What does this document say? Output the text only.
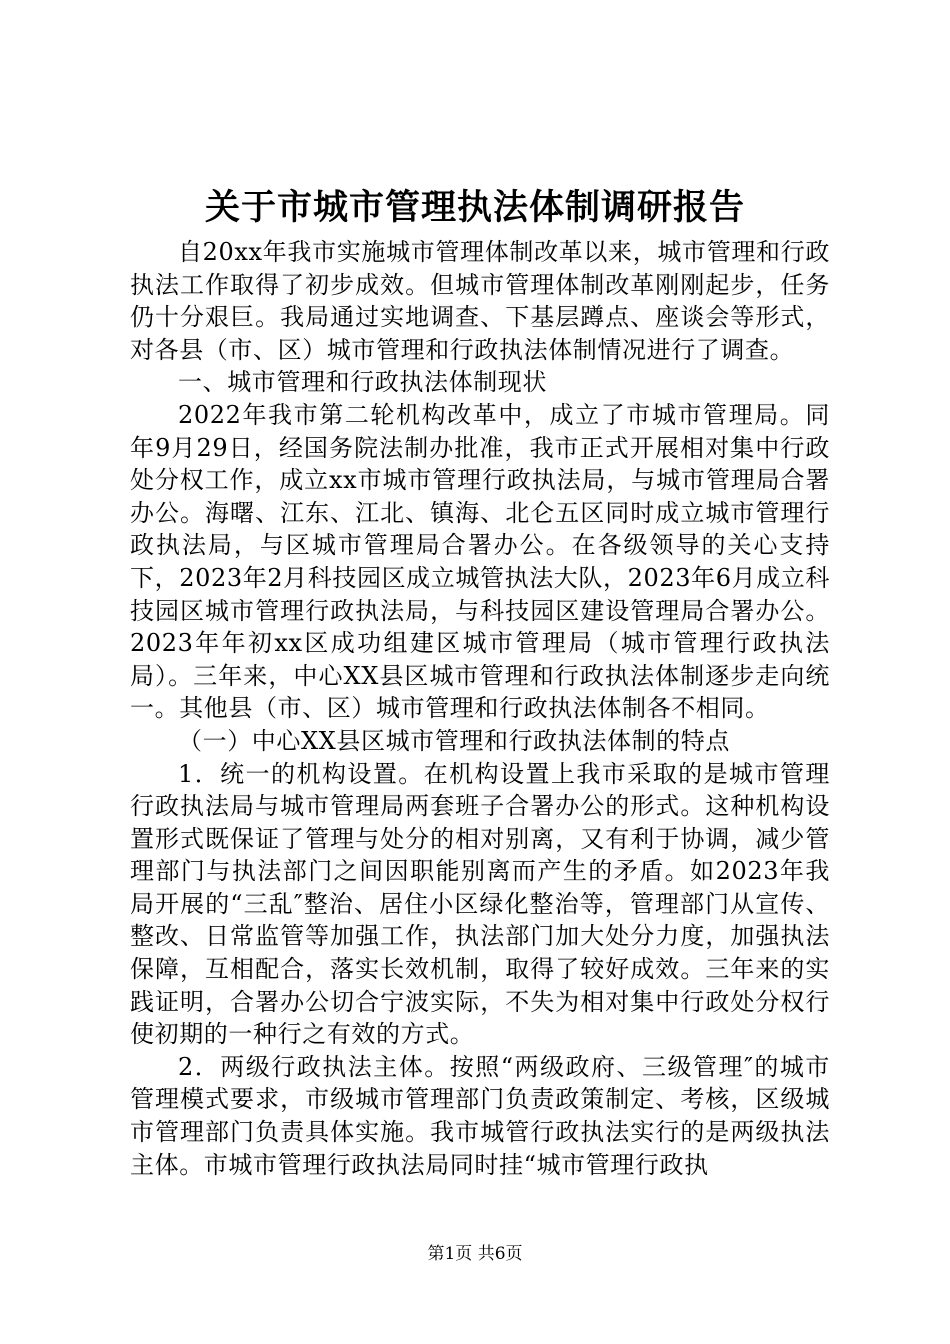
关于市城市管理执法体制调研报告

自20xx年我市实施城市管理体制改革以来，城市管理和行政执法工作取得了初步成效。但城市管理体制改革刚刚起步，任务仍十分艰巨。我局通过实地调查、下基层蹲点、座谈会等形式，对各县（市、区）城市管理和行政执法体制情况进行了调查。

一、城市管理和行政执法体制现状

2022年我市第二轮机构改革中，成立了市城市管理局。同年9月29日，经国务院法制办批准，我市正式开展相对集中行政处分权工作，成立xx市城市管理行政执法局，与城市管理局合署办公。海曙、江东、江北、镇海、北仑五区同时成立城市管理行政执法局，与区城市管理局合署办公。在各级领导的关心支持下，2023年2月科技园区成立城管执法大队，2023年6月成立科技园区城市管理行政执法局，与科技园区建设管理局合署办公。2023年年初xx区成功组建区城市管理局（城市管理行政执法局）。三年来，中心XX县区城市管理和行政执法体制逐步走向统一。其他县（市、区）城市管理和行政执法体制各不相同。

（一）中心XX县区城市管理和行政执法体制的特点

1．统一的机构设置。在机构设置上我市采取的是城市管理行政执法局与城市管理局两套班子合署办公的形式。这种机构设置形式既保证了管理与处分的相对别离，又有利于协调，减少管理部门与执法部门之间因职能别离而产生的矛盾。如2023年我局开展的“三乱″整治、居住小区绿化整治等，管理部门从宣传、整改、日常监管等加强工作，执法部门加大处分力度，加强执法保障，互相配合，落实长效机制，取得了较好成效。三年来的实践证明，合署办公切合宁波实际，不失为相对集中行政处分权行使初期的一种行之有效的方式。

2．两级行政执法主体。按照“两级政府、三级管理″的城市管理模式要求，市级城市管理部门负责政策制定、考核，区级城市管理部门负责具体实施。我市城管行政执法实行的是两级执法主体。市城市管理行政执法局同时挂“城市管理行政执

第1页 共6页
